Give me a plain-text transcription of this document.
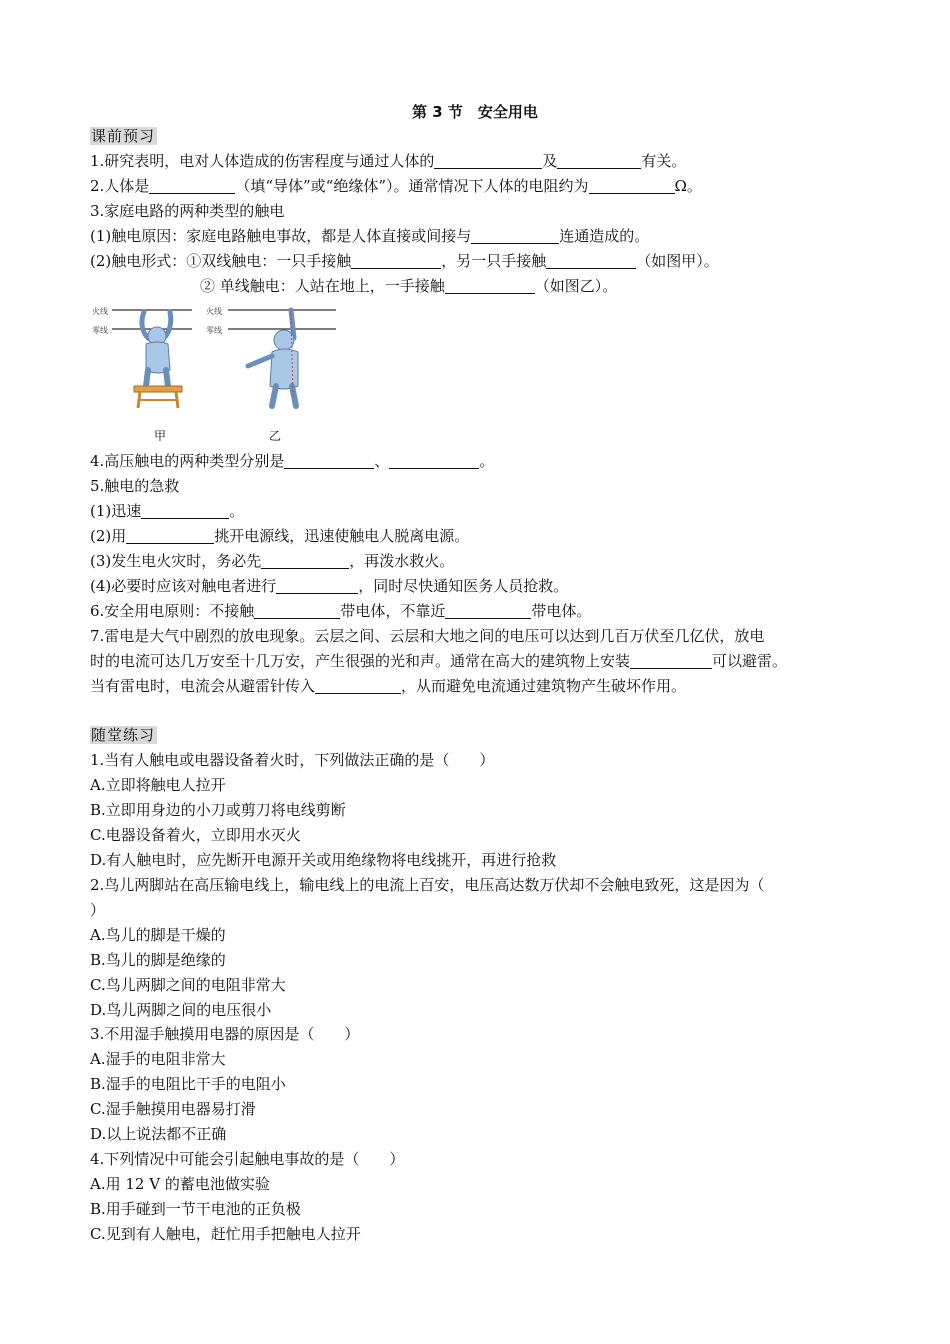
第 3 节　安全用电
课前预习
1.研究表明，电对人体造成的伤害程度与通过人体的	及	有关。
2.人体是	（填“导体”或“绝缘体”）。通常情况下人体的电阻约为	Ω。
3.家庭电路的两种类型的触电
(1)触电原因：家庭电路触电事故，都是人体直接或间接与	连通造成的。
(2)触电形式：①双线触电：一只手接触	，另一只手接触	（如图甲）。
② 单线触电：人站在地上，一手接触	（如图乙）。
火线
零线
火线
零线
甲	乙
4.高压触电的两种类型分别是	、	。
5.触电的急救
(1)迅速	。
(2)用	挑开电源线，迅速使触电人脱离电源。
(3)发生电火灾时，务必先	，再泼水救火。
(4)必要时应该对触电者进行	，同时尽快通知医务人员抢救。
6.安全用电原则：不接触	带电体，不靠近	带电体。
7.雷电是大气中剧烈的放电现象。云层之间、云层和大地之间的电压可以达到几百万伏至几亿伏，放电
时的电流可达几万安至十几万安，产生很强的光和声。通常在高大的建筑物上安装	可以避雷。
当有雷电时，电流会从避雷针传入	，从而避免电流通过建筑物产生破坏作用。
随堂练习
1.当有人触电或电器设备着火时，下列做法正确的是（　　）
A.立即将触电人拉开
B.立即用身边的小刀或剪刀将电线剪断
C.电器设备着火，立即用水灭火
D.有人触电时，应先断开电源开关或用绝缘物将电线挑开，再进行抢救
2.鸟儿两脚站在高压输电线上，输电线上的电流上百安，电压高达数万伏却不会触电致死，这是因为（
）
A.鸟儿的脚是干燥的
B.鸟儿的脚是绝缘的
C.鸟儿两脚之间的电阻非常大
D.鸟儿两脚之间的电压很小
3.不用湿手触摸用电器的原因是（　　）
A.湿手的电阻非常大
B.湿手的电阻比干手的电阻小
C.湿手触摸用电器易打滑
D.以上说法都不正确
4.下列情况中可能会引起触电事故的是（　　）
A.用 12 V 的蓄电池做实验
B.用手碰到一节干电池的正负极
C.见到有人触电，赶忙用手把触电人拉开
